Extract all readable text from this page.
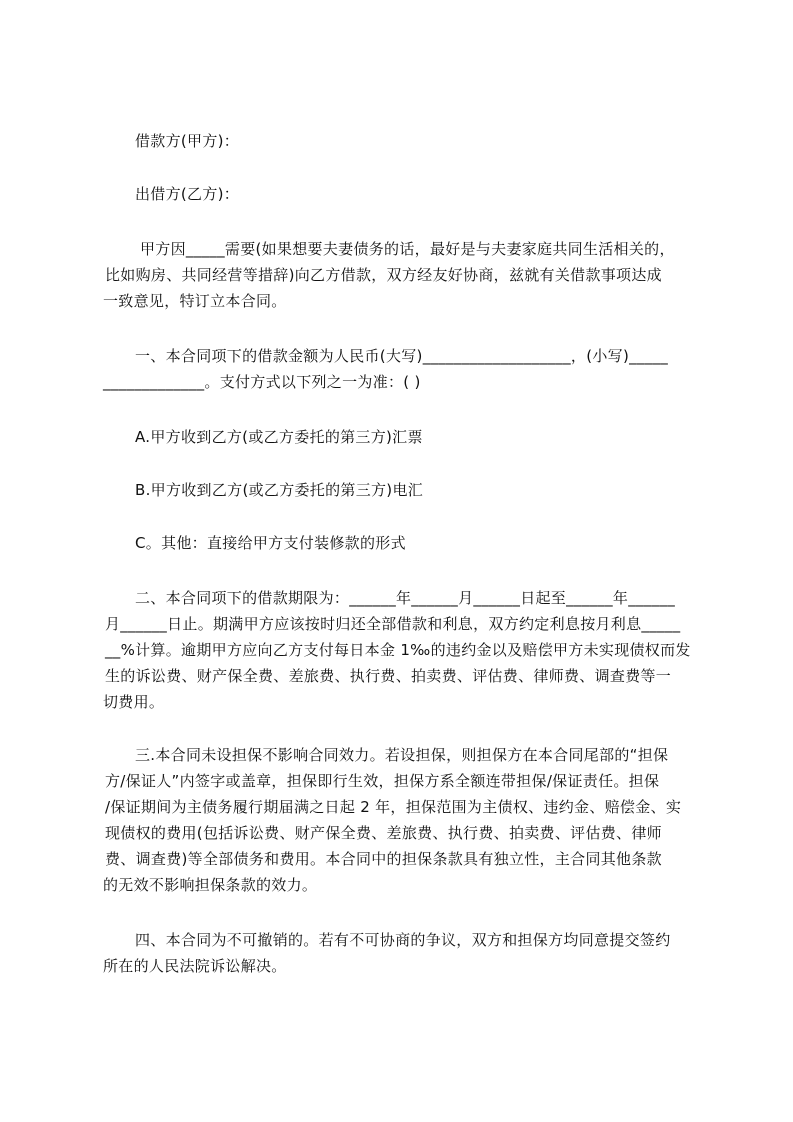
借款方(甲方)：
出借方(乙方)：
甲方因_____需要(如果想要夫妻债务的话，最好是与夫妻家庭共同生活相关的，
比如购房、共同经营等措辞)向乙方借款，双方经友好协商，兹就有关借款事项达成
一致意见，特订立本合同。
一、本合同项下的借款金额为人民币(大写)___________________，(小写)_____
_____________。支付方式以下列之一为准：( )
A.甲方收到乙方(或乙方委托的第三方)汇票
B.甲方收到乙方(或乙方委托的第三方)电汇
C。其他：直接给甲方支付装修款的形式
二、本合同项下的借款期限为：______年______月______日起至______年______
月______日止。期满甲方应该按时归还全部借款和利息，双方约定利息按月利息_____
__%计算。逾期甲方应向乙方支付每日本金 1‰的违约金以及赔偿甲方未实现债权而发
生的诉讼费、财产保全费、差旅费、执行费、拍卖费、评估费、律师费、调查费等一
切费用。
三.本合同未设担保不影响合同效力。若设担保，则担保方在本合同尾部的“担保
方/保证人”内签字或盖章，担保即行生效，担保方系全额连带担保/保证责任。担保
/保证期间为主债务履行期届满之日起 2 年，担保范围为主债权、违约金、赔偿金、实
现债权的费用(包括诉讼费、财产保全费、差旅费、执行费、拍卖费、评估费、律师
费、调查费)等全部债务和费用。本合同中的担保条款具有独立性，主合同其他条款
的无效不影响担保条款的效力。
四、本合同为不可撤销的。若有不可协商的争议，双方和担保方均同意提交签约
所在的人民法院诉讼解决。
